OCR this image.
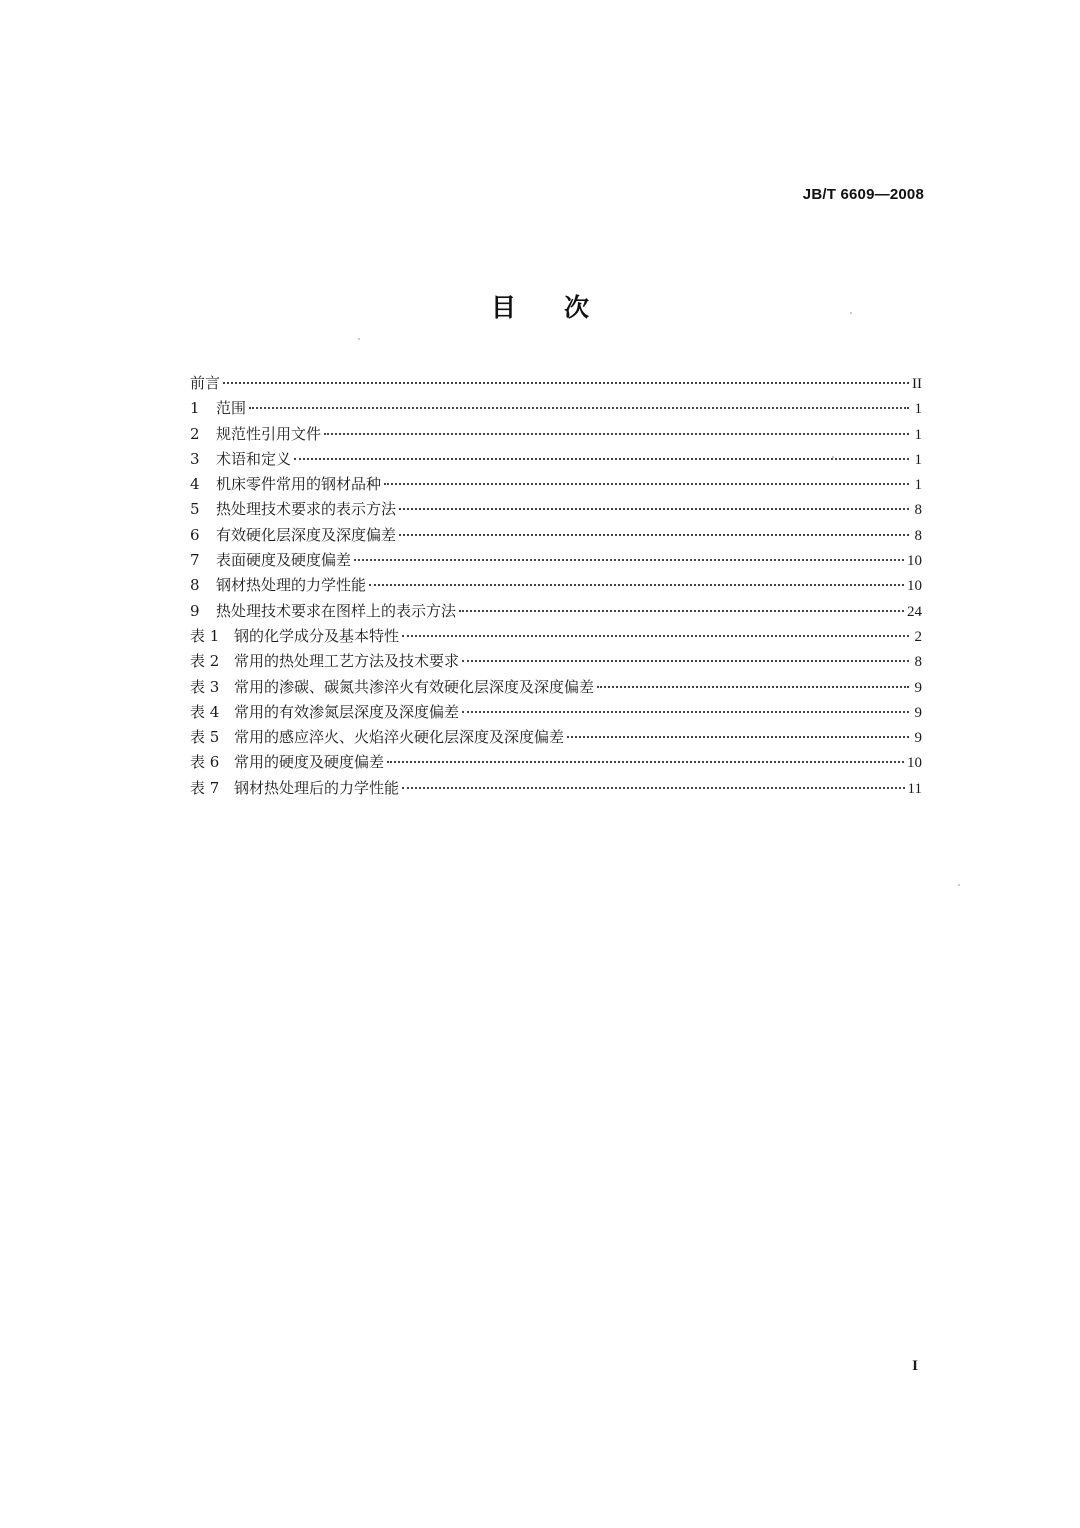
JB/T 6609—2008
目 次
前言	II
1	范围	1
2	规范性引用文件	1
3	术语和定义	1
4	机床零件常用的钢材品种	1
5	热处理技术要求的表示方法	8
6	有效硬化层深度及深度偏差	8
7	表面硬度及硬度偏差	10
8	钢材热处理的力学性能	10
9	热处理技术要求在图样上的表示方法	24
表 1 钢的化学成分及基本特性	2
表 2 常用的热处理工艺方法及技术要求	8
表 3 常用的渗碳、碳氮共渗淬火有效硬化层深度及深度偏差	9
表 4 常用的有效渗氮层深度及深度偏差	9
表 5 常用的感应淬火、火焰淬火硬化层深度及深度偏差	9
表 6 常用的硬度及硬度偏差	10
表 7 钢材热处理后的力学性能	11
I
